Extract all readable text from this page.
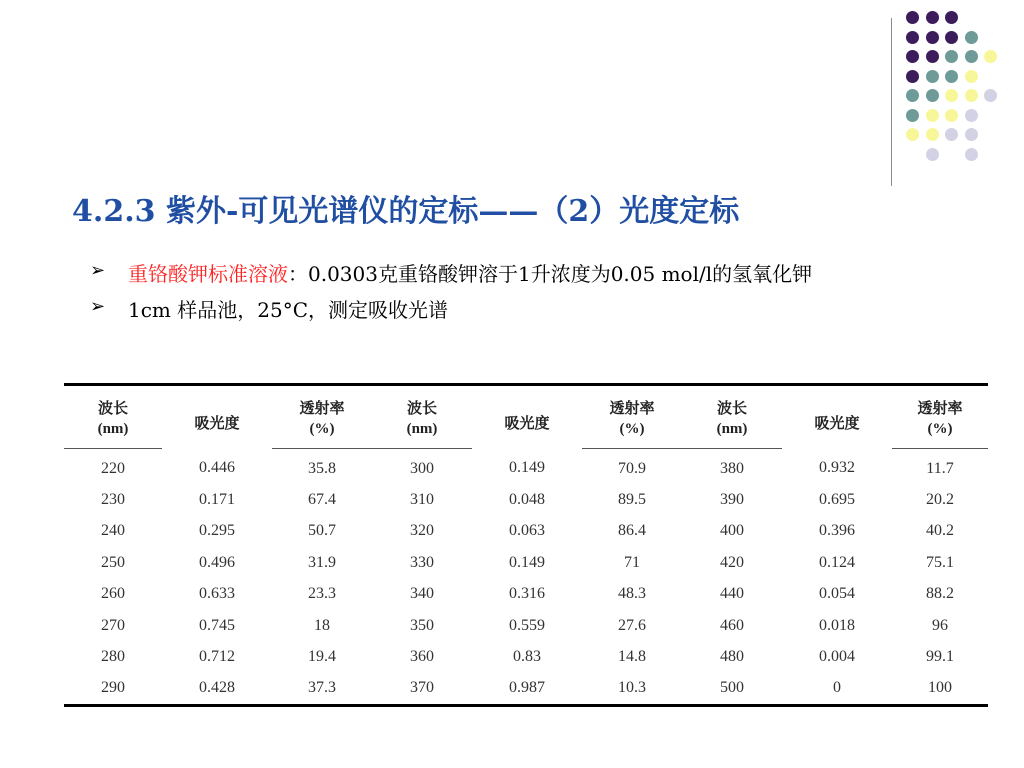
4.2.3 紫外-可见光谱仪的定标——（2）光度定标
➢ 重铬酸钾标准溶液：0.0303克重铬酸钾溶于1升浓度为0.05 mol/l的氢氧化钾
➢ 1cm 样品池，25°C，测定吸收光谱
波长	吸光度	透射率	波长	吸光度	透射率	波长	吸光度	透射率
(nm)		(%)	(nm)		(%)	(nm)		(%)
220	0.446	35.8	300	0.149	70.9	380	0.932	11.7
230	0.171	67.4	310	0.048	89.5	390	0.695	20.2
240	0.295	50.7	320	0.063	86.4	400	0.396	40.2
250	0.496	31.9	330	0.149	71	420	0.124	75.1
260	0.633	23.3	340	0.316	48.3	440	0.054	88.2
270	0.745	18	350	0.559	27.6	460	0.018	96
280	0.712	19.4	360	0.83	14.8	480	0.004	99.1
290	0.428	37.3	370	0.987	10.3	500	0	100
